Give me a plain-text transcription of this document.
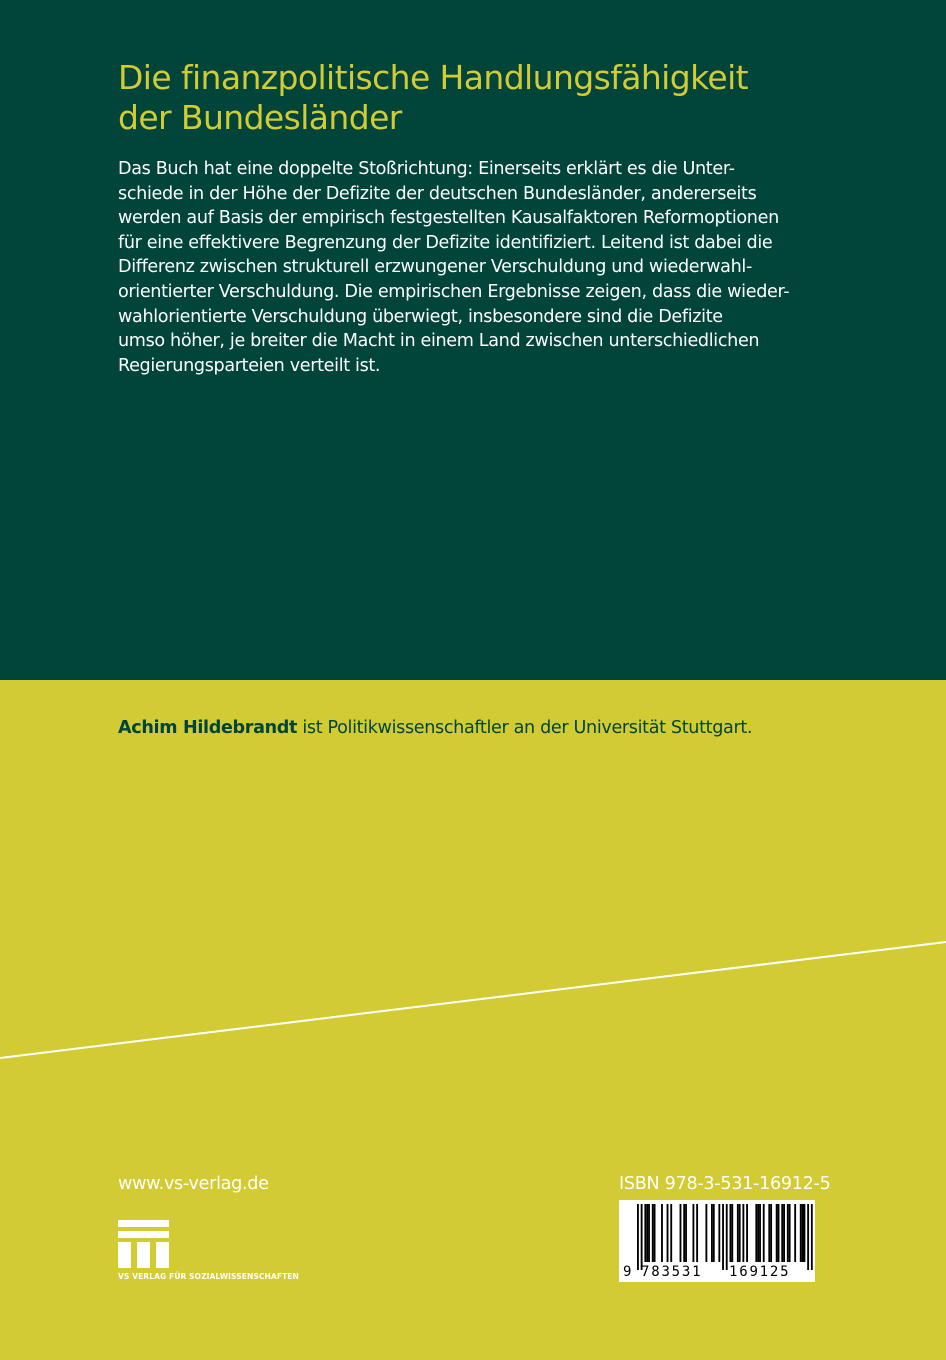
Die finanzpolitische Handlungsfähigkeit
der Bundesländer
Das Buch hat eine doppelte Stoßrichtung: Einerseits erklärt es die Unter-
schiede in der Höhe der Defizite der deutschen Bundesländer, andererseits
werden auf Basis der empirisch festgestellten Kausalfaktoren Reformoptionen
für eine effektivere Begrenzung der Defizite identifiziert. Leitend ist dabei die
Differenz zwischen strukturell erzwungener Verschuldung und wiederwahl-
orientierter Verschuldung. Die empirischen Ergebnisse zeigen, dass die wieder-
wahlorientierte Verschuldung überwiegt, insbesondere sind die Defizite
umso höher, je breiter die Macht in einem Land zwischen unterschiedlichen
Regierungsparteien verteilt ist.
Achim Hildebrandt ist Politikwissenschaftler an der Universität Stuttgart.
www.vs-verlag.de
VS VERLAG FÜR SOZIALWISSENSCHAFTEN
ISBN 978-3-531-16912-5
9 783531 169125
